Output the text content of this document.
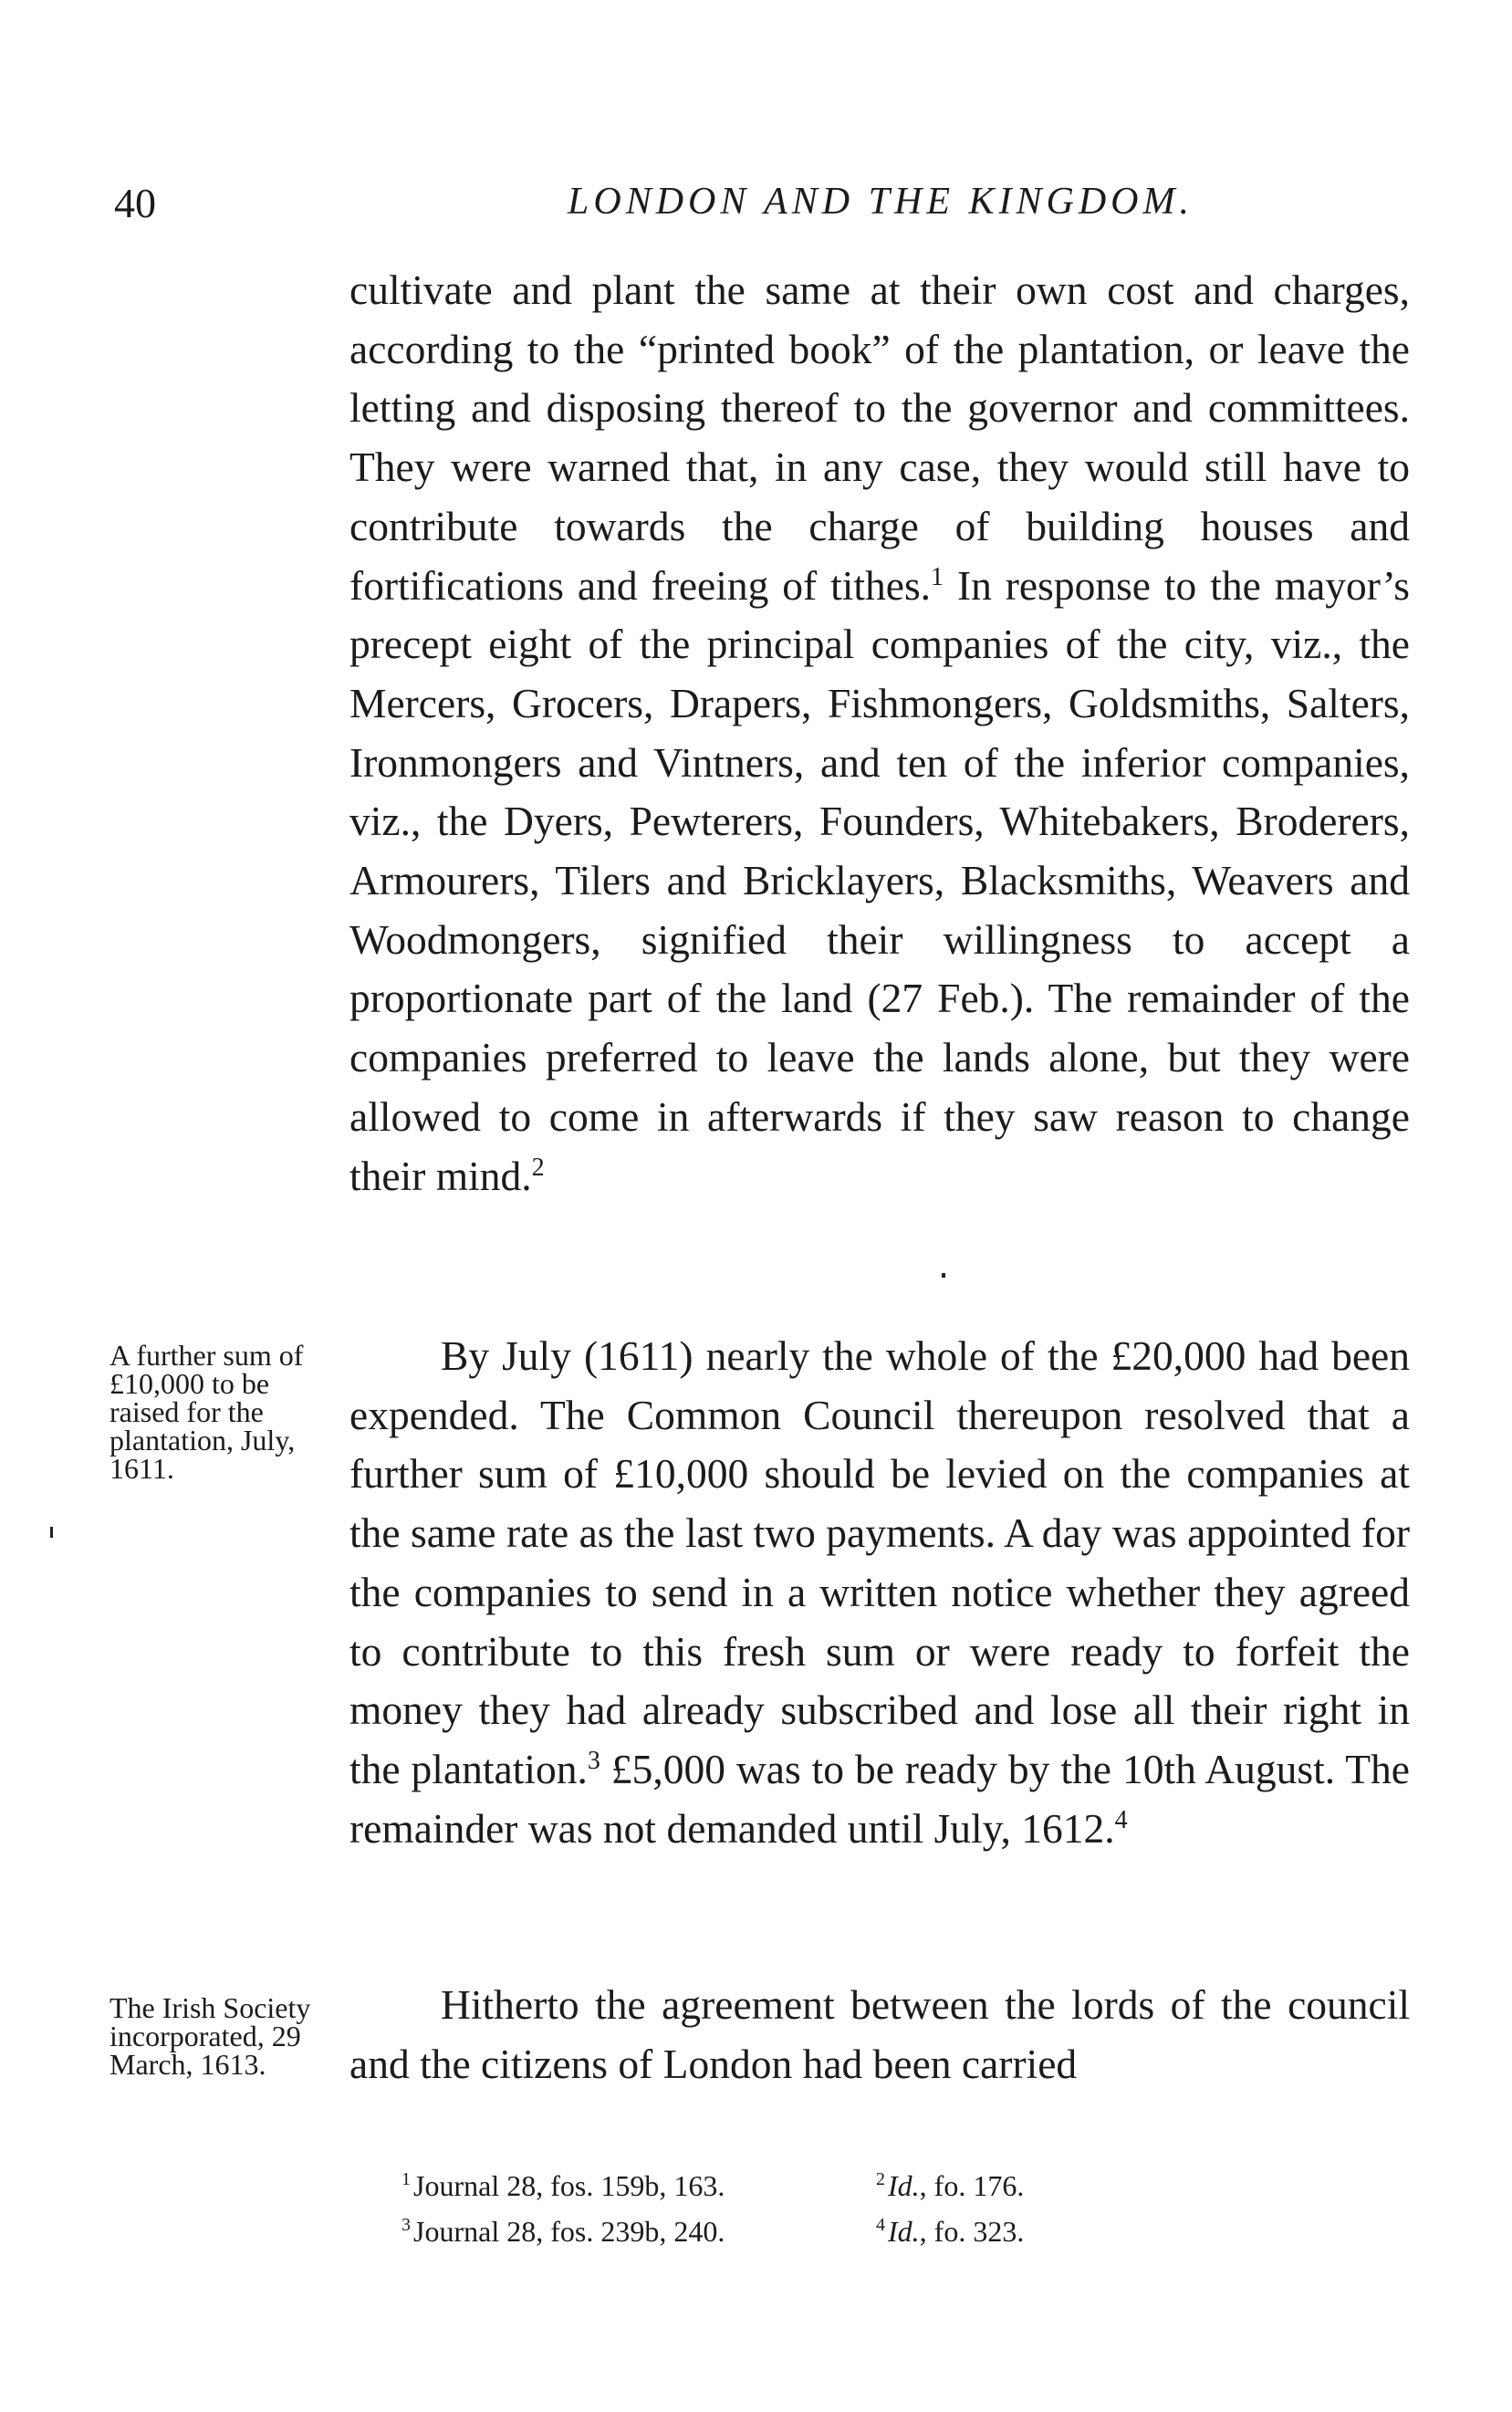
40	LONDON AND THE KINGDOM.

cultivate and plant the same at their own cost and charges, according to the “printed book” of the plantation, or leave the letting and disposing thereof to the governor and committees. They were warned that, in any case, they would still have to contribute towards the charge of building houses and fortifications and freeing of tithes.$^1$ In response to the mayor’s precept eight of the principal companies of the city, viz., the Mercers, Grocers, Drapers, Fishmongers, Goldsmiths, Salters, Ironmongers and Vintners, and ten of the inferior companies, viz., the Dyers, Pewterers, Founders, Whitebakers, Broderers, Armourers, Tilers and Bricklayers, Blacksmiths, Weavers and Woodmongers, signified their willingness to accept a proportionate part of the land (27 Feb.). The remainder of the companies preferred to leave the lands alone, but they were allowed to come in afterwards if they saw reason to change their mind.$^2$

By July (1611) nearly the whole of the £20,000 had been expended. The Common Council thereupon resolved that a further sum of £10,000 should be levied on the companies at the same rate as the last two payments. A day was appointed for the companies to send in a written notice whether they agreed to contribute to this fresh sum or were ready to forfeit the money they had already subscribed and lose all their right in the plantation.$^3$ £5,000 was to be ready by the 10th August. The remainder was not demanded until July, 1612.$^4$

Hitherto the agreement between the lords of the council and the citizens of London had been carried

A further sum of £10,000 to be raised for the plantation, July, 1611.
The Irish Society incorporated, 29 March, 1613.
$^1$Journal 28, fos. 159b, 163.	$^2$Id., fo. 176.
$^3$Journal 28, fos. 239b, 240.	$^4$Id., fo. 323.
